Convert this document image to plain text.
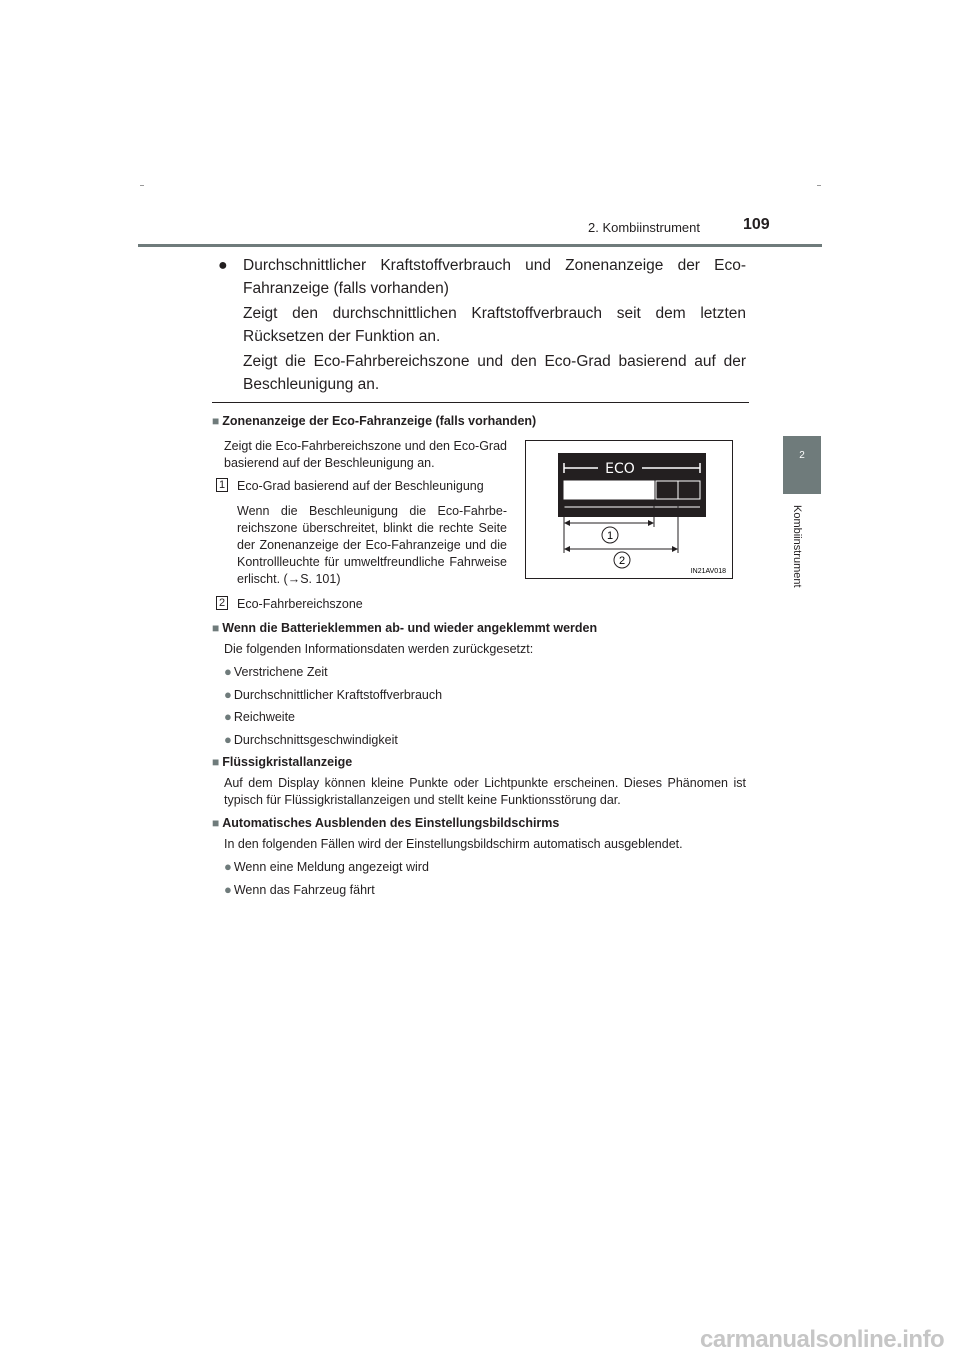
2. Kombiinstrument	109
2
Kombiinstrument
● Durchschnittlicher Kraftstoffverbrauch und Zonenanzeige der Eco-Fahranzeige (falls vorhanden)

Zeigt den durchschnittlichen Kraftstoffverbrauch seit dem letzten Rücksetzen der Funktion an.

Zeigt die Eco-Fahrbereichszone und den Eco-Grad basierend auf der Beschleunigung an.

■ Zonenanzeige der Eco-Fahranzeige (falls vorhanden)
Zeigt die Eco-Fahrbereichszone und den Eco-Grad basierend auf der Beschleunigung an.
1 Eco-Grad basierend auf der Beschleunigung
Wenn die Beschleunigung die Eco-Fahrbereichszone überschreitet, blinkt die rechte Seite der Zonenanzeige der Eco-Fahranzeige und die Kontrollleuchte für umweltfreundliche Fahrweise erlischt. (→S. 101)
2 Eco-Fahrbereichszone
ECO
1
2
IN21AV018
■ Wenn die Batterieklemmen ab- und wieder angeklemmt werden
Die folgenden Informationsdaten werden zurückgesetzt:
● Verstrichene Zeit
● Durchschnittlicher Kraftstoffverbrauch
● Reichweite
● Durchschnittsgeschwindigkeit
■ Flüssigkristallanzeige
Auf dem Display können kleine Punkte oder Lichtpunkte erscheinen. Dieses Phänomen ist typisch für Flüssigkristallanzeigen und stellt keine Funktionsstörung dar.
■ Automatisches Ausblenden des Einstellungsbildschirms
In den folgenden Fällen wird der Einstellungsbildschirm automatisch ausgeblendet.
● Wenn eine Meldung angezeigt wird
● Wenn das Fahrzeug fährt
carmanualsonline.info
